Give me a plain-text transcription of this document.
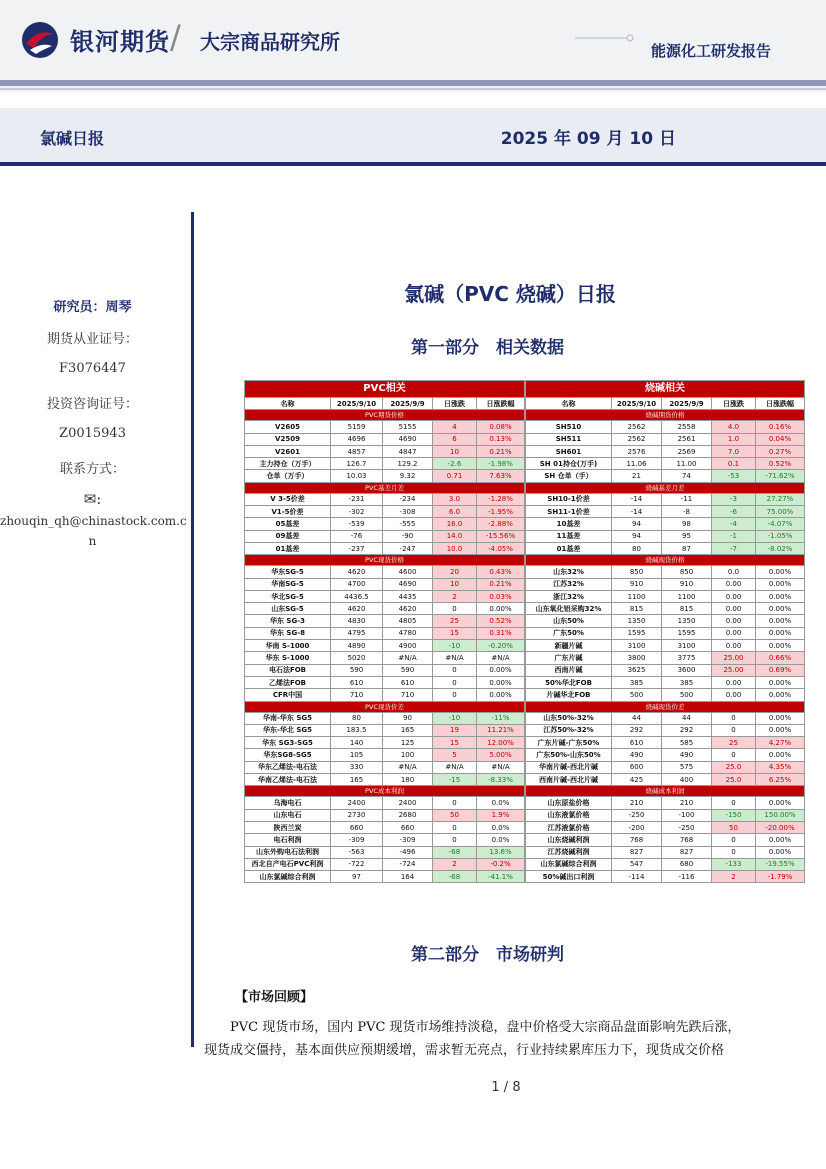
银河期货 / 大宗商品研究所	能源化工研发报告
氯碱日报	2025 年 09 月 10 日
研究员：周琴
期货从业证号：
F3076447
投资咨询证号：
Z0015943
联系方式：
✉:
zhouqin_qh@chinastock.com.c
n
氯碱（PVC 烧碱）日报
第一部分　相关数据
PVC相关				
名称	2025/9/10	2025/9/9	日涨跌	日涨跌幅
PVC期货价格				
V2605	5159	5155	4	0.08%
V2509	4696	4690	6	0.13%
V2601	4857	4847	10	0.21%
主力持仓（万手）	126.7	129.2	-2.6	-1.98%
仓单（万手）	10.03	9.32	0.71	7.63%
PVC基差月差				
V 3-5价差	-231	-234	3.0	-1.28%
V1-5价差	-302	-308	6.0	-1.95%
05基差	-539	-555	16.0	-2.88%
09基差	-76	-90	14.0	-15.56%
01基差	-237	-247	10.0	-4.05%
PVC现货价格				
华东SG-5	4620	4600	20	0.43%
华南SG-5	4700	4690	10	0.21%
华北SG-5	4436.5	4435	2	0.03%
山东SG-5	4620	4620	0	0.00%
华东 SG-3	4830	4805	25	0.52%
华东 SG-8	4795	4780	15	0.31%
华南 S-1000	4890	4900	-10	-0.20%
华东 S-1000	5020	#N/A	#N/A	#N/A
电石法FOB	590	590	0	0.00%
乙烯法FOB	610	610	0	0.00%
CFR中国	710	710	0	0.00%
PVC现货价差				
华南-华东 SG5	80	90	-10	-11%
华东-华北 SG5	183.5	165	19	11.21%
华东 SG3-SG5	140	125	15	12.00%
华东SG8-SG5	105	100	5	5.00%
华东乙烯法-电石法	330	#N/A	#N/A	#N/A
华南乙烯法-电石法	165	180	-15	-8.33%
PVC成本利润				
乌海电石	2400	2400	0	0.0%
山东电石	2730	2680	50	1.9%
陕西兰炭	660	660	0	0.0%
电石利润	-309	-309	0	0.0%
山东外购电石法利润	-563	-496	-68	13.6%
西北自产电石PVC利润	-722	-724	2	-0.2%
山东氯碱综合利润	97	164	-68	-41.1%
烧碱相关				
名称	2025/9/10	2025/9/9	日涨跌	日涨跌幅
烧碱期货价格				
SH510	2562	2558	4.0	0.16%
SH511	2562	2561	1.0	0.04%
SH601	2576	2569	7.0	0.27%
SH 01持仓(万手)	11.06	11.00	0.1	0.52%
SH 仓单（手）	21	74	-53	-71.62%
烧碱基差月差				
SH10-1价差	-14	-11	-3	27.27%
SH11-1价差	-14	-8	-6	75.00%
10基差	94	98	-4	-4.07%
11基差	94	95	-1	-1.05%
01基差	80	87	-7	-8.02%
烧碱现货价格				
山东32%	850	850	0.0	0.00%
江苏32%	910	910	0.00	0.00%
浙江32%	1100	1100	0.00	0.00%
山东氧化铝采购32%	815	815	0.00	0.00%
山东50%	1350	1350	0.00	0.00%
广东50%	1595	1595	0.00	0.00%
新疆片碱	3100	3100	0.00	0.00%
广东片碱	3800	3775	25.00	0.66%
西南片碱	3625	3600	25.00	0.69%
50%华北FOB	385	385	0.00	0.00%
片碱华北FOB	500	500	0.00	0.00%
烧碱现货价差				
山东50%-32%	44	44	0	0.00%
江苏50%-32%	292	292	0	0.00%
广东片碱-广东50%	610	585	25	4.27%
广东50%-山东50%	490	490	0	0.00%
华南片碱-西北片碱	600	575	25.0	4.35%
西南片碱-西北片碱	425	400	25.0	6.25%
烧碱成本利润				
山东原盐价格	210	210	0	0.00%
山东液氯价格	-250	-100	-150	150.00%
江苏液氯价格	-200	-250	50	-20.00%
山东烧碱利润	768	768	0	0.00%
江苏烧碱利润	827	827	0	0.00%
山东氯碱综合利润	547	680	-133	-19.55%
50%碱出口利润	-114	-116	2	-1.79%
第二部分　市场研判
【市场回顾】
PVC 现货市场，国内 PVC 现货市场维持淡稳，盘中价格受大宗商品盘面影响先跌后涨，
现货成交僵持，基本面供应预期缓增，需求暂无亮点，行业持续累库压力下，现货成交价格
1 / 8
